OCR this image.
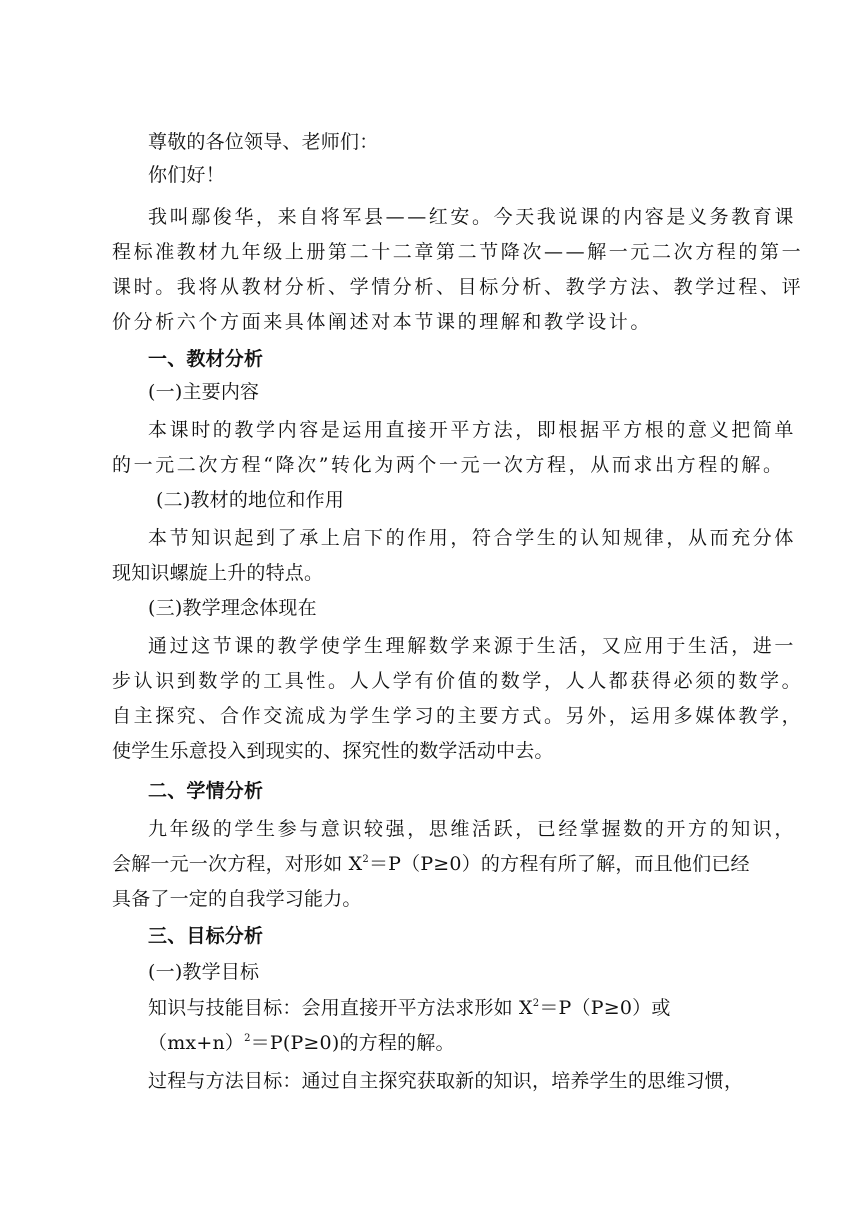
尊敬的各位领导、老师们：
你们好！
我叫鄢俊华，来自将军县——红安。今天我说课的内容是义务教育课
程标准教材九年级上册第二十二章第二节降次——解一元二次方程的第一
课时。我将从教材分析、学情分析、目标分析、教学方法、教学过程、评
价分析六个方面来具体阐述对本节课的理解和教学设计。
一、教材分析
(一)主要内容
本课时的教学内容是运用直接开平方法，即根据平方根的意义把简单
的一元二次方程“降次”转化为两个一元一次方程，从而求出方程的解。
(二)教材的地位和作用
本节知识起到了承上启下的作用，符合学生的认知规律，从而充分体
现知识螺旋上升的特点。
(三)教学理念体现在
通过这节课的教学使学生理解数学来源于生活，又应用于生活，进一
步认识到数学的工具性。人人学有价值的数学，人人都获得必须的数学。
自主探究、合作交流成为学生学习的主要方式。另外，运用多媒体教学，
使学生乐意投入到现实的、探究性的数学活动中去。
二、学情分析
九年级的学生参与意识较强，思维活跃，已经掌握数的开方的知识，
会解一元一次方程，对形如 $X^2=P(P\ge 0)$的方程有所了解，而且他们已经
具备了一定的自我学习能力。
三、目标分析
(一)教学目标
知识与技能目标：会用直接开平方法求形如 $X^2=P(P\ge 0)$或
$(mx+n)^2=P(P\ge 0)$的方程的解。
过程与方法目标：通过自主探究获取新的知识，培养学生的思维习惯，
